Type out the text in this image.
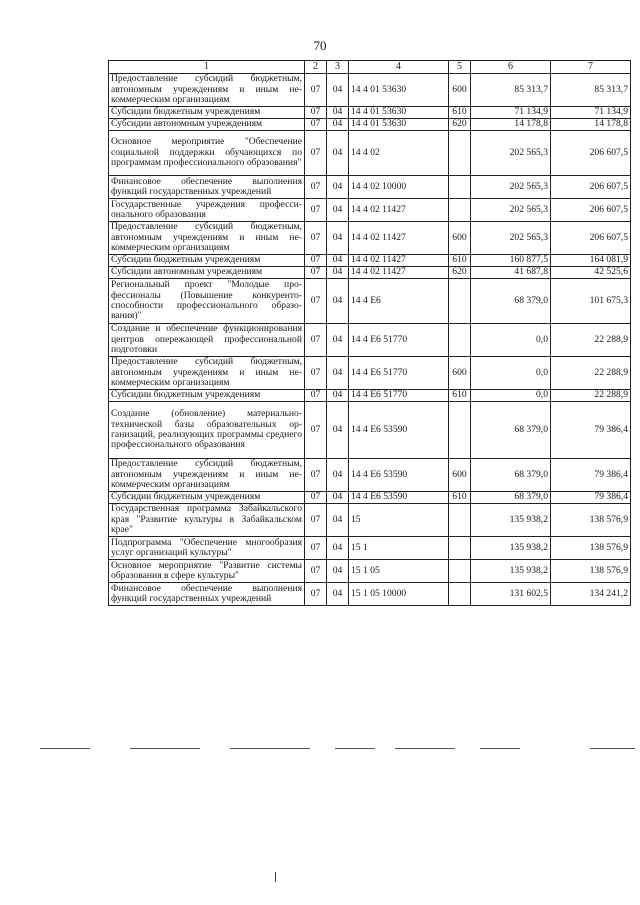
70
1	2	3	4	5	6	7
Предоставление субсидий бюджетным, автономным учреждениям и иным некоммерческим организациям	07	04	14 4 01 53630	600	85 313,7	85 313,7
Субсидии бюджетным учреждениям	07	04	14 4 01 53630	610	71 134,9	71 134,9
Субсидии автономным учреждениям	07	04	14 4 01 53630	620	14 178,8	14 178,8
Основное мероприятие "Обеспечение социальной поддержки обучающихся по программам профессионального образования"	07	04	14 4 02		202 565,3	206 607,5
Финансовое обеспечение выполнения функций государственных учреждений	07	04	14 4 02 10000		202 565,3	206 607,5
Государственные учреждения профессионального образования	07	04	14 4 02 11427		202 565,3	206 607,5
Предоставление субсидий бюджетным, автономным учреждениям и иным некоммерческим организациям	07	04	14 4 02 11427	600	202 565,3	206 607,5
Субсидии бюджетным учреждениям	07	04	14 4 02 11427	610	160 877,5	164 081,9
Субсидии автономным учреждениям	07	04	14 4 02 11427	620	41 687,8	42 525,6
Региональный проект "Молодые профессионалы (Повышение конкурентоспособности профессионального образования)"	07	04	14 4 E6		68 379,0	101 675,3
Создание и обеспечение функционирования центров опережающей профессиональной подготовки	07	04	14 4 E6 51770		0,0	22 288,9
Предоставление субсидий бюджетным, автономным учреждениям и иным некоммерческим организациям	07	04	14 4 E6 51770	600	0,0	22 288,9
Субсидии бюджетным учреждениям	07	04	14 4 E6 51770	610	0,0	22 288,9
Создание (обновление) материально-технической базы образовательных организаций, реализующих программы среднего профессионального образования	07	04	14 4 E6 53590		68 379,0	79 386,4
Предоставление субсидий бюджетным, автономным учреждениям и иным некоммерческим организациям	07	04	14 4 E6 53590	600	68 379,0	79 386,4
Субсидии бюджетным учреждениям	07	04	14 4 E6 53590	610	68 379,0	79 386,4
Государственная программа Забайкальского края "Развитие культуры в Забайкальском крае"	07	04	15		135 938,2	138 576,9
Подпрограмма "Обеспечение многообразия услуг организаций культуры"	07	04	15 1		135 938,2	138 576,9
Основное мероприятие "Развитие системы образования в сфере культуры"	07	04	15 1 05		135 938,2	138 576,9
Финансовое обеспечение выполнения функций государственных учреждений	07	04	15 1 05 10000		131 602,5	134 241,2
